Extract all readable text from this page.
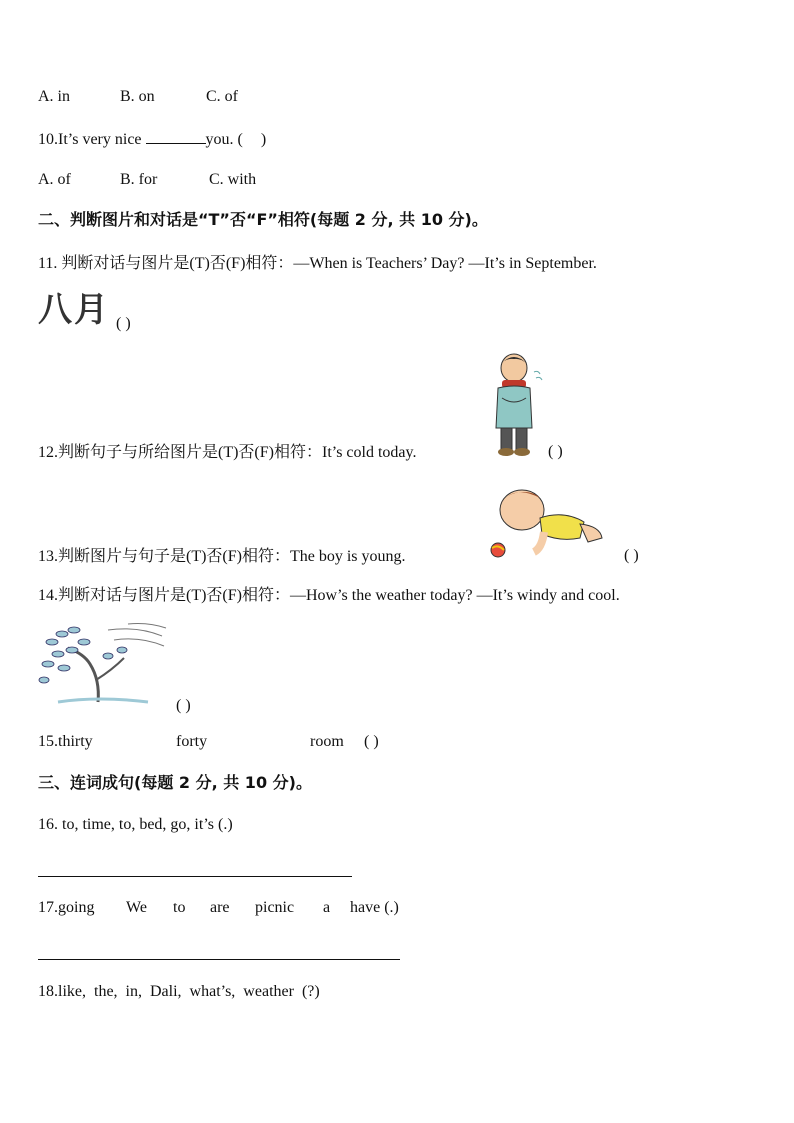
A. in	B. on	C. of
10.It’s very nice	you. ( )
A. of	B. for	C. with
二、判断图片和对话是“T”否“F”相符(每题 2 分, 共 10 分)。
11. 判断对话与图片是(T)否(F)相符：—When is Teachers’ Day? —It’s in September.
八月 ( )
12.判断句子与所给图片是(T)否(F)相符：It’s cold today.	( )
13.判断图片与句子是(T)否(F)相符：The boy is young.	( )
14.判断对话与图片是(T)否(F)相符：—How’s the weather today? —It’s windy and cool.
( )
15.thirty	forty	room ( )
三、连词成句(每题 2 分, 共 10 分)。
16. to, time, to, bed, go, it’s (.)
17.going We to are picnic a have (.)
18.like,  the,  in,  Dali,  what’s,  weather  (?)
